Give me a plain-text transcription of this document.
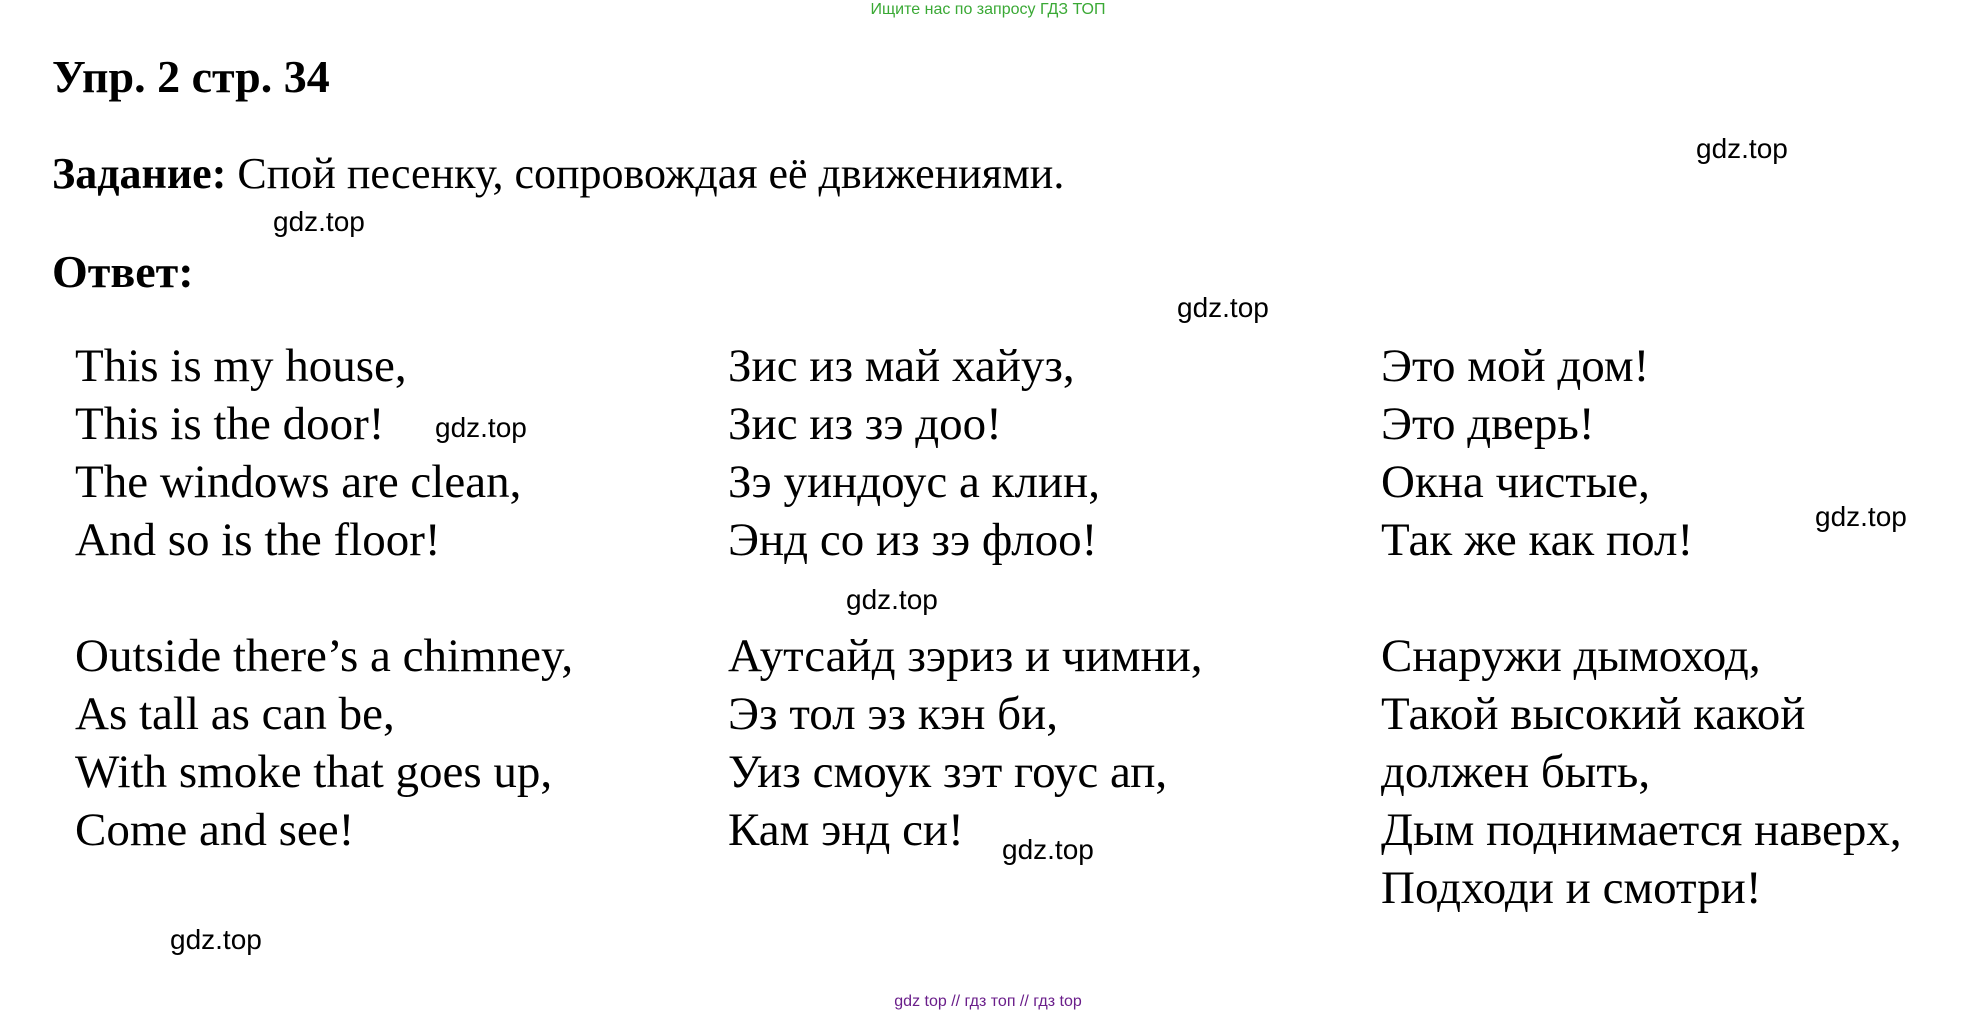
Ищите нас по запросу ГДЗ ТОП
Упр. 2 стр. 34
Задание: Спой песенку, сопровождая её движениями.
Ответ:
This is my house,
This is the door!
The windows are clean,
And so is the floor!
Outside there’s a chimney,
As tall as can be,
With smoke that goes up,
Come and see!
Зис из май хайуз,
Зис из зэ доо!
Зэ уиндоус а клин,
Энд со из зэ флоо!
Аутсайд зэриз и чимни,
Эз тол эз кэн би,
Уиз смоук зэт гоус ап,
Кам энд си!
Это мой дом!
Это дверь!
Окна чистые,
Так же как пол!
Снаружи дымоход,
Такой высокий какой
должен быть,
Дым поднимается наверх,
Подходи и смотри!
gdz.top
gdz.top
gdz.top
gdz.top
gdz.top
gdz.top
gdz.top
gdz.top
gdz top // гдз топ // гдз top
